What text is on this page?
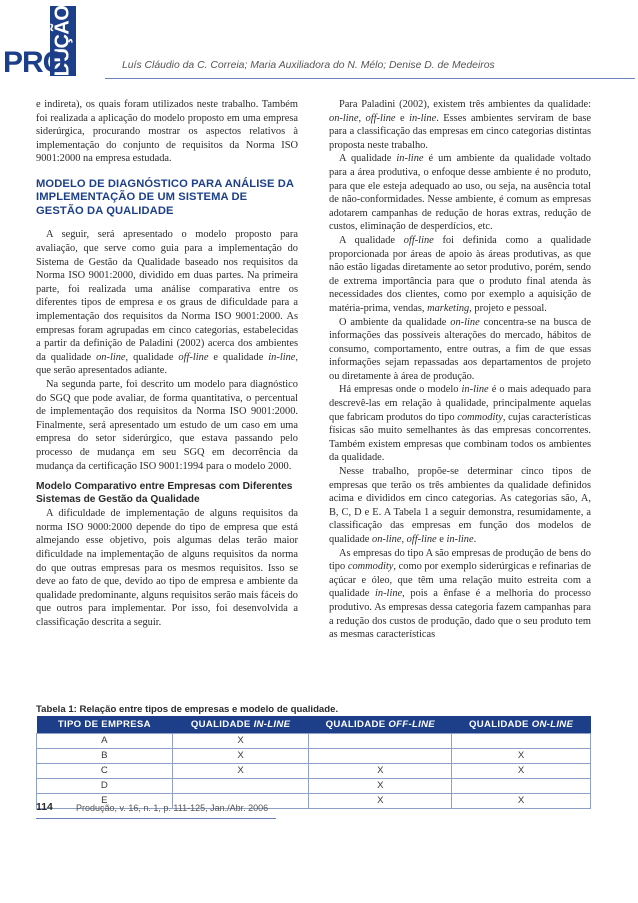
DUÇÃO
PRO	Luís Cláudio da C. Correia; Maria Auxiliadora do N. Mélo; Denise D. de Medeiros

e indireta), os quais foram utilizados neste trabalho. Também foi realizada a aplicação do modelo proposto em uma empresa siderúrgica, procurando mostrar os aspectos relativos à implementação do conjunto de requisitos da Norma ISO 9001:2000 na empresa estudada.

MODELO DE DIAGNÓSTICO PARA ANÁLISE DA IMPLEMENTAÇÃO DE UM SISTEMA DE GESTÃO DA QUALIDADE

A seguir, será apresentado o modelo proposto para avaliação, que serve como guia para a implementação do Sistema de Gestão da Qualidade baseado nos requisitos da Norma ISO 9001:2000, dividido em duas partes. Na primeira parte, foi realizada uma análise comparativa entre os diferentes tipos de empresa e os graus de dificuldade para a implementação dos requisitos da Norma ISO 9001:2000. As empresas foram agrupadas em cinco categorias, estabelecidas a partir da definição de Paladini (2002) acerca dos ambientes da qualidade on-line, qualidade off-line e qualidade in-line, que serão apresentados adiante.

Na segunda parte, foi descrito um modelo para diagnóstico do SGQ que pode avaliar, de forma quantitativa, o percentual de implementação dos requisitos da Norma ISO 9001:2000. Finalmente, será apresentado um estudo de um caso em uma empresa do setor siderúrgico, que estava passando pelo processo de mudança em seu SGQ em decorrência da mudança da certificação ISO 9001:1994 para o modelo 2000.

Modelo Comparativo entre Empresas com Diferentes Sistemas de Gestão da Qualidade

A dificuldade de implementação de alguns requisitos da norma ISO 9000:2000 depende do tipo de empresa que está almejando esse objetivo, pois algumas delas terão maior dificuldade na implementação de alguns requisitos da norma do que outras empresas para os mesmos requisitos. Isso se deve ao fato de que, devido ao tipo de empresa e ambiente da qualidade predominante, alguns requisitos serão mais fáceis do que outros para implementar. Por isso, foi desenvolvida a classificação descrita a seguir.

Para Paladini (2002), existem três ambientes da qualidade: on-line, off-line e in-line. Esses ambientes serviram de base para a classificação das empresas em cinco categorias distintas proposta neste trabalho.

A qualidade in-line é um ambiente da qualidade voltado para a área produtiva, o enfoque desse ambiente é no produto, para que ele esteja adequado ao uso, ou seja, na ausência total de não-conformidades. Nesse ambiente, é comum as empresas adotarem campanhas de redução de horas extras, redução de custos, eliminação de desperdícios, etc.

A qualidade off-line foi definida como a qualidade proporcionada por áreas de apoio às áreas produtivas, as que não estão ligadas diretamente ao setor produtivo, porém, sendo de extrema importância para que o produto final atenda às necessidades dos clientes, como por exemplo a aquisição de matéria-prima, vendas, marketing, projeto e pessoal.

O ambiente da qualidade on-line concentra-se na busca de informações das possíveis alterações do mercado, hábitos de consumo, comportamento, entre outras, a fim de que essas informações sejam repassadas aos departamentos de projeto ou diretamente à área de produção.

Há empresas onde o modelo in-line é o mais adequado para descrevê-las em relação à qualidade, principalmente aquelas que fabricam produtos do tipo commodity, cujas características físicas são muito semelhantes às das empresas concorrentes. Também existem empresas que combinam todos os ambientes da qualidade.

Nesse trabalho, propõe-se determinar cinco tipos de empresas que terão os três ambientes da qualidade definidos acima e divididos em cinco categorias. As categorias são, A, B, C, D e E. A Tabela 1 a seguir demonstra, resumidamente, a classificação das empresas em função dos modelos de qualidade on-line, off-line e in-line.

As empresas do tipo A são empresas de produção de bens do tipo commodity, como por exemplo siderúrgicas e refinarias de açúcar e óleo, que têm uma relação muito estreita com a qualidade in-line, pois a ênfase é a melhoria do processo produtivo. As empresas dessa categoria fazem campanhas para a redução dos custos de produção, dado que o seu produto tem as mesmas características

Tabela 1: Relação entre tipos de empresas e modelo de qualidade.
TIPO DE EMPRESA	QUALIDADE IN-LINE	QUALIDADE OFF-LINE	QUALIDADE ON-LINE
A	X		
B	X		X
C	X	X	X
D		X	
E		X	X
114	Produção, v. 16, n. 1, p. 111-125, Jan./Abr. 2006
